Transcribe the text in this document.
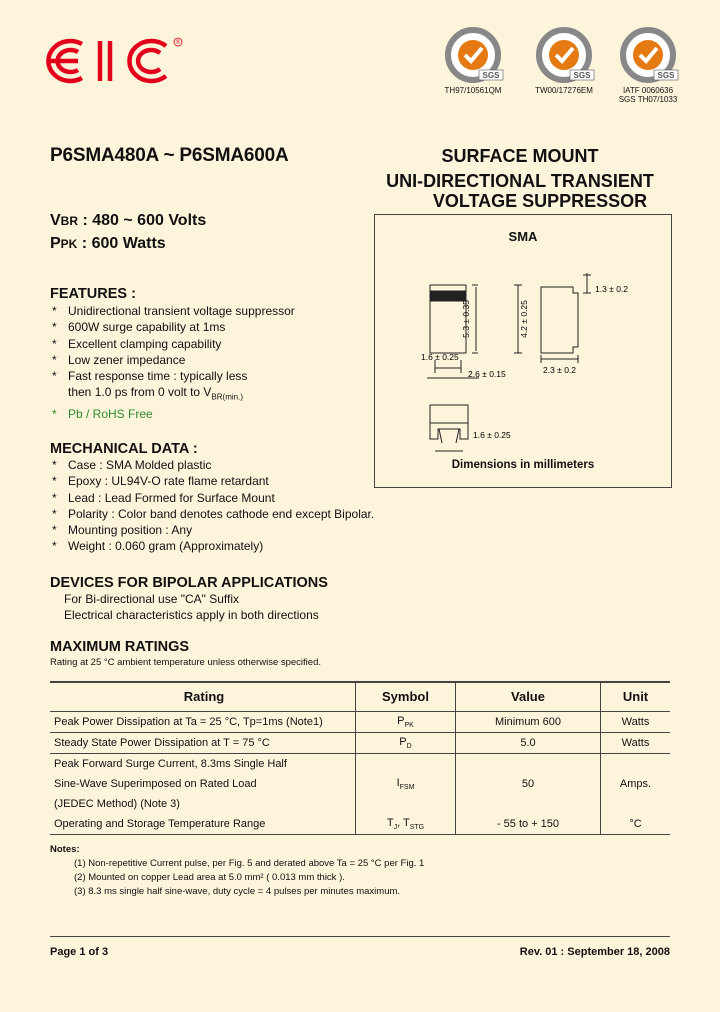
®
SGS
TH97/10561QM
SGS
TW00/17276EM
SGS
IATF 0060636
SGS TH07/1033
P6SMA480A ~ P6SMA600A	SURFACE MOUNT
UNI-DIRECTIONAL TRANSIENT
VOLTAGE SUPPRESSOR
VBR : 480 ~ 600 Volts
PPK : 600 Watts
FEATURES :
* Unidirectional transient voltage suppressor
* 600W surge capability at 1ms
* Excellent clamping capability
* Low zener impedance
* Fast response time : typically less
then 1.0 ps from 0 volt to $V_{BR(min.)}$
* Pb / RoHS Free
MECHANICAL DATA :
* Case : SMA Molded plastic
* Epoxy : UL94V-O rate flame retardant
* Lead : Lead Formed for Surface Mount
* Polarity : Color band denotes cathode end except Bipolar.
* Mounting position : Any
* Weight : 0.060 gram (Approximately)
DEVICES FOR BIPOLAR APPLICATIONS
For Bi-directional use "CA" Suffix
Electrical characteristics apply in both directions
SMA
5.3 ± 0.35	4.2 ± 0.25
1.3 ± 0.2
1.6 ± 0.25
2.6 ± 0.15	2.3 ± 0.2
1.6 ± 0.25
Dimensions in millimeters
MAXIMUM RATINGS
Rating at 25 °C ambient temperature unless otherwise specified.
Rating	Symbol	Value	Unit
Peak Power Dissipation at Ta = 25 °C, Tp=1ms (Note1)	$P_{PK}$	Minimum 600	Watts
Steady State Power Dissipation at T = 75 °C	$P_D$	5.0	Watts
Peak Forward Surge Current, 8.3ms Single Half			
Sine-Wave Superimposed on Rated Load	$I_{FSM}$	50	Amps.
(JEDEC Method) (Note 3)			
Operating and Storage Temperature Range	$T_J$, $T_{STG}$	- 55 to + 150	°C
Notes:
(1) Non-repetitive Current pulse, per Fig. 5 and derated above Ta = 25 °C per Fig. 1
(2) Mounted on copper Lead area at 5.0 mm² ( 0.013 mm thick ).
(3) 8.3 ms single half sine-wave, duty cycle = 4 pulses per minutes maximum.
Page 1 of 3	Rev. 01 : September 18, 2008
